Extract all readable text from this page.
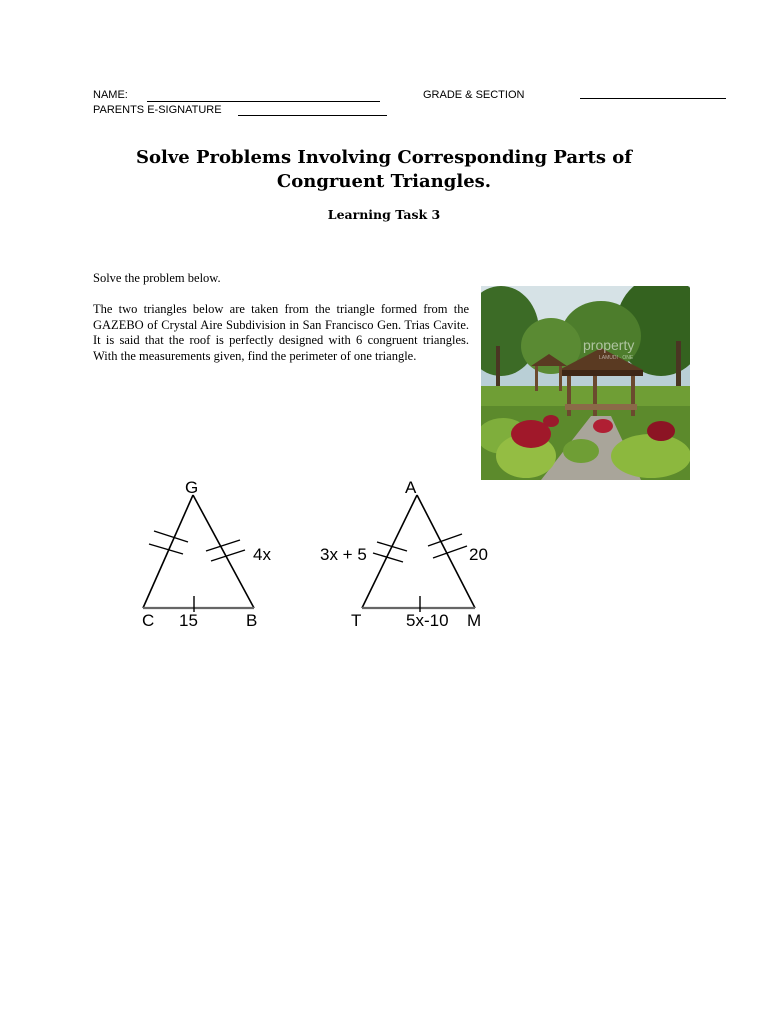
NAME:	GRADE & SECTION
PARENTS E-SIGNATURE
Solve Problems Involving Corresponding Parts of
Congruent Triangles.
Learning Task 3
Solve the problem below.
The two triangles below are taken from the triangle formed from the GAZEBO of Crystal Aire Subdivision in San Francisco Gen. Trias Cavite. It is said that the roof is perfectly designed with 6 congruent triangles. With the measurements given, find the perimeter of one triangle.
property
LAMUDI · ONE
G
C	B
4x
15
A
T	M
3x + 5	20
5x-10
